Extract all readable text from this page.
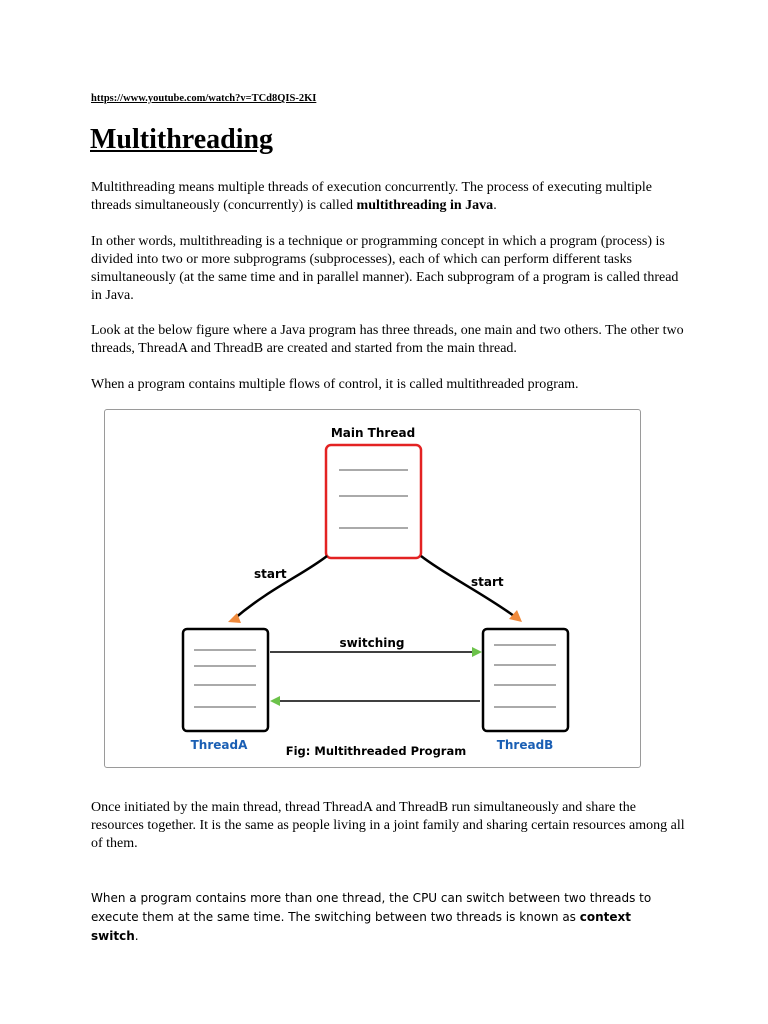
https://www.youtube.com/watch?v=TCd8QIS-2KI
Multithreading

Multithreading means multiple threads of execution concurrently. The process of executing multiple threads simultaneously (concurrently) is called multithreading in Java.

In other words, multithreading is a technique or programming concept in which a program (process) is divided into two or more subprograms (subprocesses), each of which can perform different tasks simultaneously (at the same time and in parallel manner). Each subprogram of a program is called thread in Java.

Look at the below figure where a Java program has three threads, one main and two others. The other two threads, ThreadA and ThreadB are created and started from the main thread.

When a program contains multiple flows of control, it is called multithreaded program.

Main Thread
start
start
switching
ThreadA	ThreadB
Fig: Multithreaded Program

Once initiated by the main thread, thread ThreadA and ThreadB run simultaneously and share the resources together. It is the same as people living in a joint family and sharing certain resources among all of them.

When a program contains more than one thread, the CPU can switch between two threads to execute them at the same time. The switching between two threads is known as context switch.
